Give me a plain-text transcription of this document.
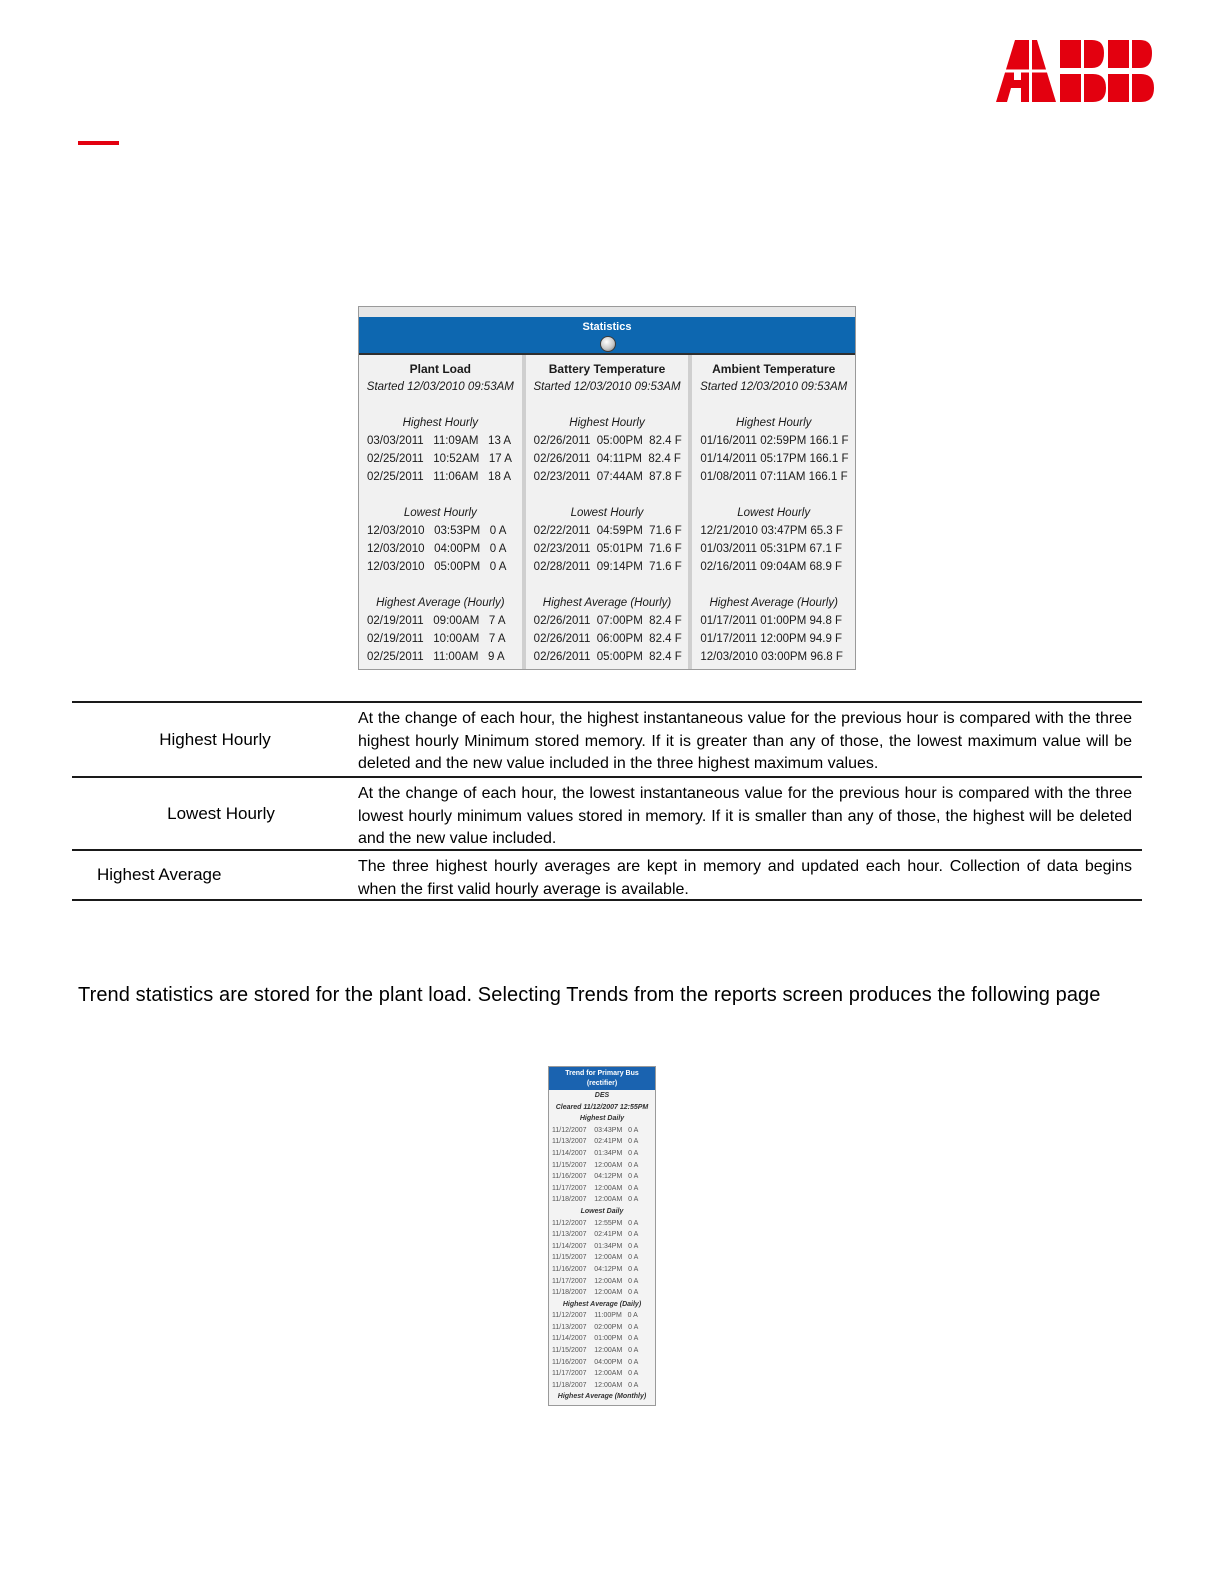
Statistics
Plant Load
Started 12/03/2010 09:53AM
Highest Hourly
03/03/2011   11:09AM   13 A
02/25/2011   10:52AM   17 A
02/25/2011   11:06AM   18 A
Lowest Hourly
12/03/2010   03:53PM   0 A
12/03/2010   04:00PM   0 A
12/03/2010   05:00PM   0 A
Highest Average (Hourly)
02/19/2011   09:00AM   7 A
02/19/2011   10:00AM   7 A
02/25/2011   11:00AM   9 A
Battery Temperature
Started 12/03/2010 09:53AM
Highest Hourly
02/26/2011  05:00PM  82.4 F
02/26/2011  04:11PM  82.4 F
02/23/2011  07:44AM  87.8 F
Lowest Hourly
02/22/2011  04:59PM  71.6 F
02/23/2011  05:01PM  71.6 F
02/28/2011  09:14PM  71.6 F
Highest Average (Hourly)
02/26/2011  07:00PM  82.4 F
02/26/2011  06:00PM  82.4 F
02/26/2011  05:00PM  82.4 F
Ambient Temperature
Started 12/03/2010 09:53AM
Highest Hourly
01/16/2011 02:59PM 166.1 F
01/14/2011 05:17PM 166.1 F
01/08/2011 07:11AM 166.1 F
Lowest Hourly
12/21/2010 03:47PM 65.3 F
01/03/2011 05:31PM 67.1 F
02/16/2011 09:04AM 68.9 F
Highest Average (Hourly)
01/17/2011 01:00PM 94.8 F
01/17/2011 12:00PM 94.9 F
12/03/2010 03:00PM 96.8 F
Highest Hourly
At the change of each hour, the highest instantaneous value for the previous hour is compared with the three highest hourly Minimum stored memory. If it is greater than any of those, the lowest maximum value will be deleted and the new value included in the three highest maximum values.
Lowest Hourly
At the change of each hour, the lowest instantaneous value for the previous hour is compared with the three lowest hourly minimum values stored in memory. If it is smaller than any of those, the highest will be deleted and the new value included.
Highest Average	The three highest hourly averages are kept in memory and updated each hour. Collection of data begins when the first valid hourly average is available.

Trend statistics are stored for the plant load. Selecting Trends from the reports screen produces the following page

Trend for Primary Bus
(rectifier)
DES
Cleared 11/12/2007 12:55PM
Highest Daily
11/12/2007    03:43PM   0 A
11/13/2007    02:41PM   0 A
11/14/2007    01:34PM   0 A
11/15/2007    12:00AM   0 A
11/16/2007    04:12PM   0 A
11/17/2007    12:00AM   0 A
11/18/2007    12:00AM   0 A
Lowest Daily
11/12/2007    12:55PM   0 A
11/13/2007    02:41PM   0 A
11/14/2007    01:34PM   0 A
11/15/2007    12:00AM   0 A
11/16/2007    04:12PM   0 A
11/17/2007    12:00AM   0 A
11/18/2007    12:00AM   0 A
Highest Average (Daily)
11/12/2007    11:00PM   0 A
11/13/2007    02:00PM   0 A
11/14/2007    01:00PM   0 A
11/15/2007    12:00AM   0 A
11/16/2007    04:00PM   0 A
11/17/2007    12:00AM   0 A
11/18/2007    12:00AM   0 A
Highest Average (Monthly)
